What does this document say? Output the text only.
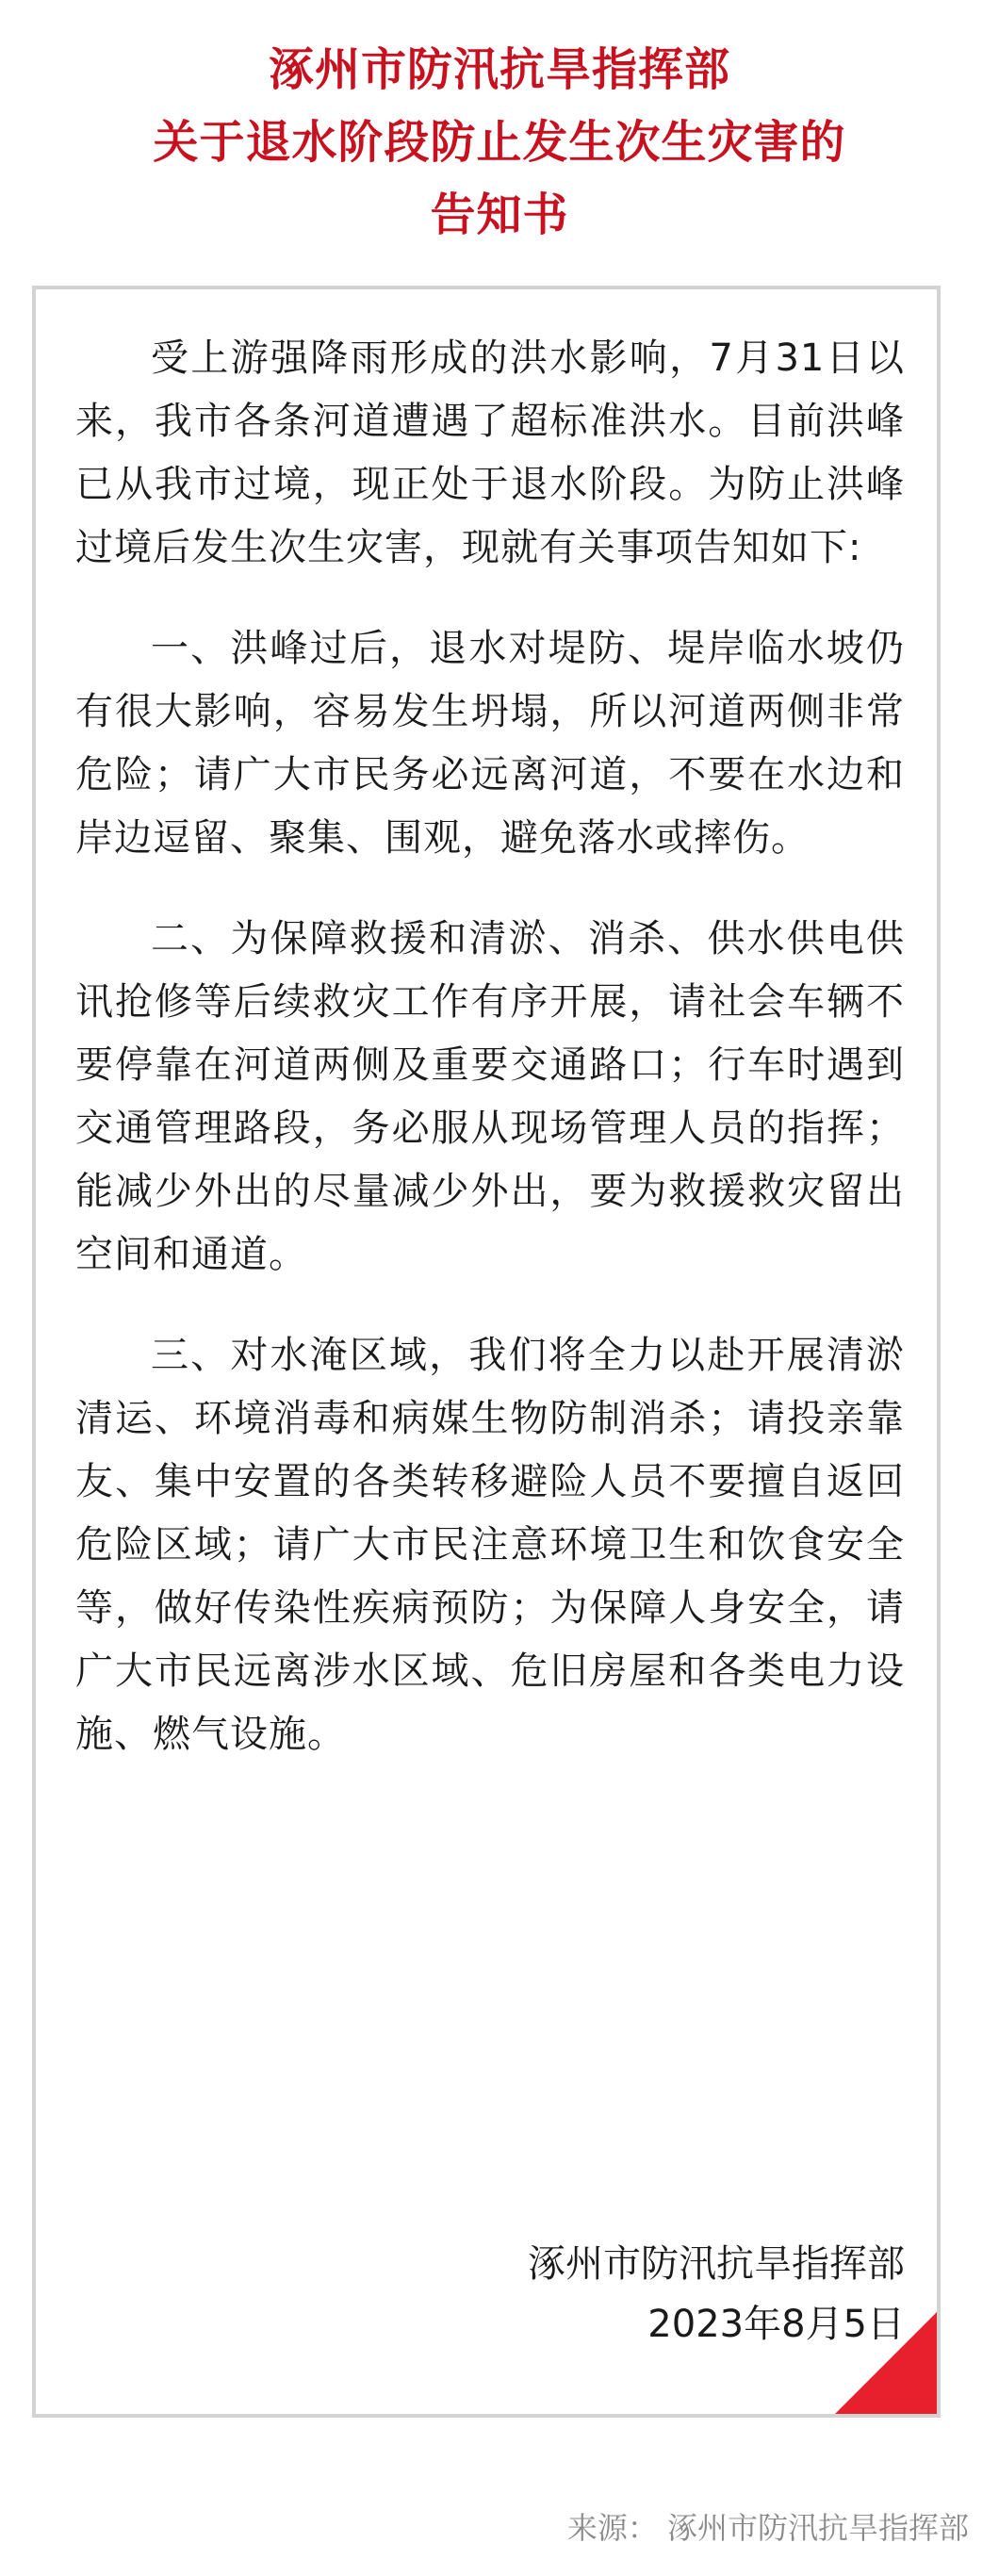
涿州市防汛抗旱指挥部
关于退水阶段防止发生次生灾害的
告知书

受上游强降雨形成的洪水影响，7月31日以来，我市各条河道遭遇了超标准洪水。目前洪峰已从我市过境，现正处于退水阶段。为防止洪峰过境后发生次生灾害，现就有关事项告知如下:

一、洪峰过后，退水对堤防、堤岸临水坡仍有很大影响，容易发生坍塌，所以河道两侧非常危险；请广大市民务必远离河道，不要在水边和岸边逗留、聚集、围观，避免落水或摔伤。

二、为保障救援和清淤、消杀、供水供电供讯抢修等后续救灾工作有序开展，请社会车辆不要停靠在河道两侧及重要交通路口；行车时遇到交通管理路段，务必服从现场管理人员的指挥；能减少外出的尽量减少外出，要为救援救灾留出空间和通道。

三、对水淹区域，我们将全力以赴开展清淤清运、环境消毒和病媒生物防制消杀；请投亲靠友、集中安置的各类转移避险人员不要擅自返回危险区域；请广大市民注意环境卫生和饮食安全等，做好传染性疾病预防；为保障人身安全，请广大市民远离涉水区域、危旧房屋和各类电力设施、燃气设施。

涿州市防汛抗旱指挥部
2023年8月5日
来源： 涿州市防汛抗旱指挥部
